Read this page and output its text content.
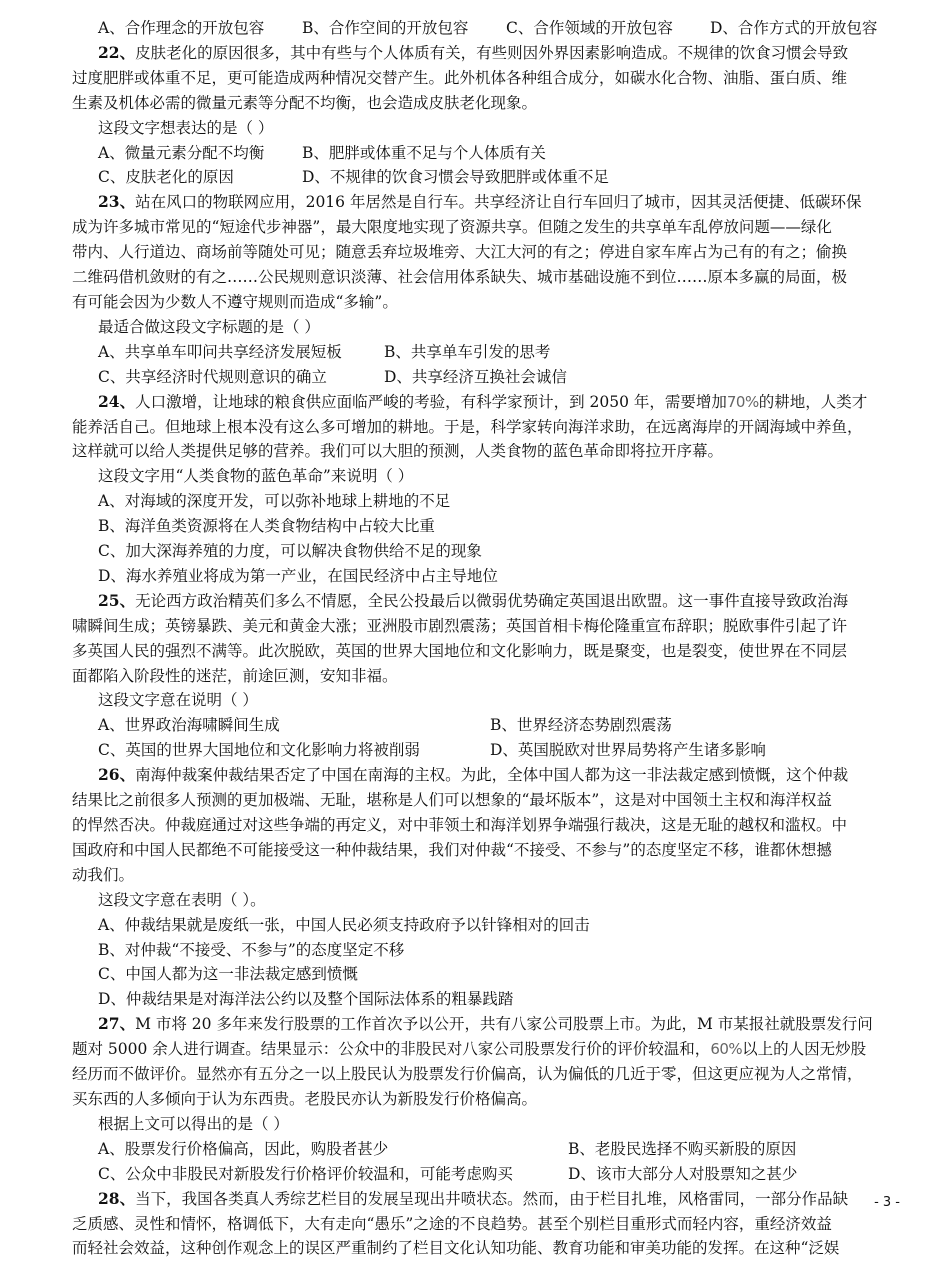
A、合作理念的开放包容	B、合作空间的开放包容	C、合作领域的开放包容	D、合作方式的开放包容
22、皮肤老化的原因很多，其中有些与个人体质有关，有些则因外界因素影响造成。不规律的饮食习惯会导致
过度肥胖或体重不足，更可能造成两种情况交替产生。此外机体各种组合成分，如碳水化合物、油脂、蛋白质、维
生素及机体必需的微量元素等分配不均衡，也会造成皮肤老化现象。
这段文字想表达的是（ ）
A、微量元素分配不均衡	B、肥胖或体重不足与个人体质有关
C、皮肤老化的原因	D、不规律的饮食习惯会导致肥胖或体重不足
23、站在风口的物联网应用，2016 年居然是自行车。共享经济让自行车回归了城市，因其灵活便捷、低碳环保
成为许多城市常见的“短途代步神器”，最大限度地实现了资源共享。但随之发生的共享单车乱停放问题——绿化
带内、人行道边、商场前等随处可见；随意丢弃垃圾堆旁、大江大河的有之；停进自家车库占为己有的有之；偷换
二维码借机敛财的有之……公民规则意识淡薄、社会信用体系缺失、城市基础设施不到位……原本多赢的局面，极
有可能会因为少数人不遵守规则而造成“多输”。
最适合做这段文字标题的是（ ）
A、共享单车叩问共享经济发展短板	B、共享单车引发的思考
C、共享经济时代规则意识的确立	D、共享经济互换社会诚信
24、人口激增，让地球的粮食供应面临严峻的考验，有科学家预计，到 2050 年，需要增加70%的耕地，人类才
能养活自己。但地球上根本没有这么多可增加的耕地。于是，科学家转向海洋求助，在远离海岸的开阔海域中养鱼，
这样就可以给人类提供足够的营养。我们可以大胆的预测，人类食物的蓝色革命即将拉开序幕。
这段文字用“人类食物的蓝色革命”来说明（ ）
A、对海域的深度开发，可以弥补地球上耕地的不足
B、海洋鱼类资源将在人类食物结构中占较大比重
C、加大深海养殖的力度，可以解决食物供给不足的现象
D、海水养殖业将成为第一产业，在国民经济中占主导地位
25、无论西方政治精英们多么不情愿，全民公投最后以微弱优势确定英国退出欧盟。这一事件直接导致政治海
啸瞬间生成；英镑暴跌、美元和黄金大涨；亚洲股市剧烈震荡；英国首相卡梅伦隆重宣布辞职；脱欧事件引起了许
多英国人民的强烈不满等。此次脱欧，英国的世界大国地位和文化影响力，既是聚变，也是裂变，使世界在不同层
面都陷入阶段性的迷茫，前途叵测，安知非福。
这段文字意在说明（ ）
A、世界政治海啸瞬间生成	B、世界经济态势剧烈震荡
C、英国的世界大国地位和文化影响力将被削弱	D、英国脱欧对世界局势将产生诸多影响
26、南海仲裁案仲裁结果否定了中国在南海的主权。为此，全体中国人都为这一非法裁定感到愤慨，这个仲裁
结果比之前很多人预测的更加极端、无耻，堪称是人们可以想象的“最坏版本”，这是对中国领土主权和海洋权益
的悍然否决。仲裁庭通过对这些争端的再定义，对中菲领土和海洋划界争端强行裁决，这是无耻的越权和滥权。中
国政府和中国人民都绝不可能接受这一种仲裁结果，我们对仲裁“不接受、不参与”的态度坚定不移，谁都休想撼
动我们。
这段文字意在表明（ ）。
A、仲裁结果就是废纸一张，中国人民必须支持政府予以针锋相对的回击
B、对仲裁“不接受、不参与”的态度坚定不移
C、中国人都为这一非法裁定感到愤慨
D、仲裁结果是对海洋法公约以及整个国际法体系的粗暴践踏
27、M 市将 20 多年来发行股票的工作首次予以公开，共有八家公司股票上市。为此，M 市某报社就股票发行问
题对 5000 余人进行调查。结果显示：公众中的非股民对八家公司股票发行价的评价较温和，60%以上的人因无炒股
经历而不做评价。显然亦有五分之一以上股民认为股票发行价偏高，认为偏低的几近于零，但这更应视为人之常情，
买东西的人多倾向于认为东西贵。老股民亦认为新股发行价格偏高。
根据上文可以得出的是（ ）
A、股票发行价格偏高，因此，购股者甚少	B、老股民选择不购买新股的原因
C、公众中非股民对新股发行价格评价较温和，可能考虑购买	D、该市大部分人对股票知之甚少
28、当下，我国各类真人秀综艺栏目的发展呈现出井喷状态。然而，由于栏目扎堆，风格雷同，一部分作品缺
乏质感、灵性和情怀，格调低下，大有走向“愚乐”之途的不良趋势。甚至个别栏目重形式而轻内容，重经济效益
而轻社会效益，这种创作观念上的误区严重制约了栏目文化认知功能、教育功能和审美功能的发挥。在这种“泛娱
- 3 -
